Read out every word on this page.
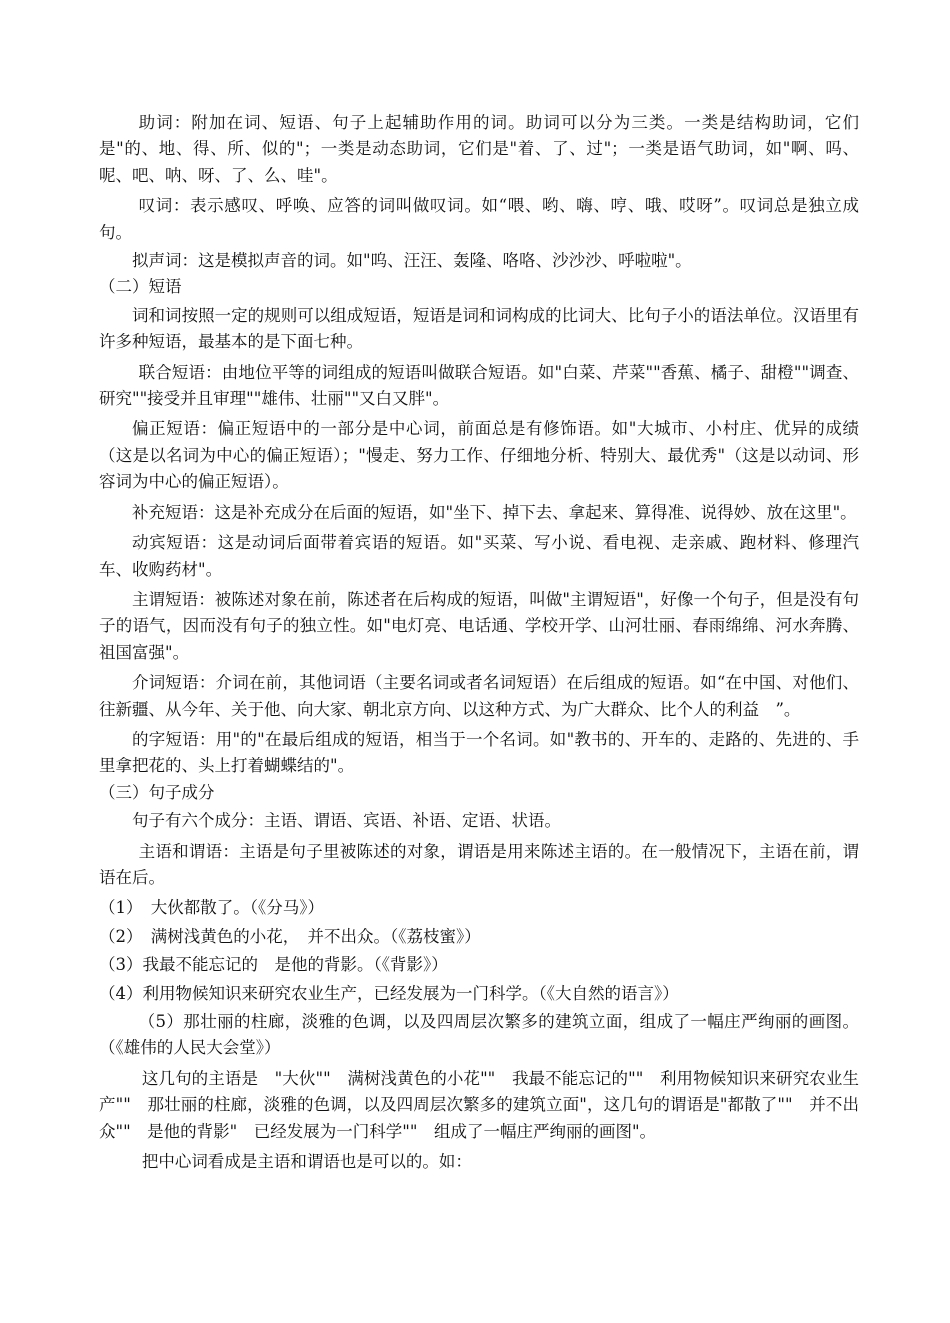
助词：附加在词、短语、句子上起辅助作用的词。助词可以分为三类。一类是结构助词，它们是"的、地、得、所、似的"；一类是动态助词，它们是"着、了、过"；一类是语气助词，如"啊、吗、呢、吧、呐、呀、了、么、哇"。

叹词：表示感叹、呼唤、应答的词叫做叹词。如“喂、哟、嗨、哼、哦、哎呀”。叹词总是独立成句。

拟声词：这是模拟声音的词。如"呜、汪汪、轰隆、咯咯、沙沙沙、呼啦啦"。

（二）短语

词和词按照一定的规则可以组成短语，短语是词和词构成的比词大、比句子小的语法单位。汉语里有许多种短语，最基本的是下面七种。

联合短语：由地位平等的词组成的短语叫做联合短语。如"白菜、芹菜""香蕉、橘子、甜橙""调查、研究""接受并且审理""雄伟、壮丽""又白又胖"。

偏正短语：偏正短语中的一部分是中心词，前面总是有修饰语。如"大城市、小村庄、优异的成绩（这是以名词为中心的偏正短语）；"慢走、努力工作、仔细地分析、特别大、最优秀"（这是以动词、形容词为中心的偏正短语）。

补充短语：这是补充成分在后面的短语，如"坐下、掉下去、拿起来、算得准、说得妙、放在这里"。

动宾短语：这是动词后面带着宾语的短语。如"买菜、写小说、看电视、走亲戚、跑材料、修理汽车、收购药材"。

主谓短语：被陈述对象在前，陈述者在后构成的短语，叫做"主谓短语"，好像一个句子，但是没有句子的语气，因而没有句子的独立性。如"电灯亮、电话通、学校开学、山河壮丽、春雨绵绵、河水奔腾、祖国富强"。

介词短语：介词在前，其他词语（主要名词或者名词短语）在后组成的短语。如“在中国、对他们、往新疆、从今年、关于他、向大家、朝北京方向、以这种方式、为广大群众、比个人的利益　”。

的字短语：用"的"在最后组成的短语，相当于一个名词。如"教书的、开车的、走路的、先进的、手里拿把花的、头上打着蝴蝶结的"。

（三）句子成分

句子有六个成分：主语、谓语、宾语、补语、定语、状语。

主语和谓语：主语是句子里被陈述的对象，谓语是用来陈述主语的。在一般情况下，主语在前，谓语在后。

（1）　大伙都散了。（《分马》）

（2）　满树浅黄色的小花，　并不出众。（《荔枝蜜》）

（3）我最不能忘记的　是他的背影。（《背影》）

（4）利用物候知识来研究农业生产，已经发展为一门科学。（《大自然的语言》）

（5）那壮丽的柱廊，淡雅的色调，以及四周层次繁多的建筑立面，组成了一幅庄严绚丽的画图。（《雄伟的人民大会堂》）

这几句的主语是　"大伙""　满树浅黄色的小花""　我最不能忘记的""　利用物候知识来研究农业生产""　那壮丽的柱廊，淡雅的色调，以及四周层次繁多的建筑立面"，这几句的谓语是"都散了""　并不出众""　是他的背影"　已经发展为一门科学""　组成了一幅庄严绚丽的画图"。

把中心词看成是主语和谓语也是可以的。如：
